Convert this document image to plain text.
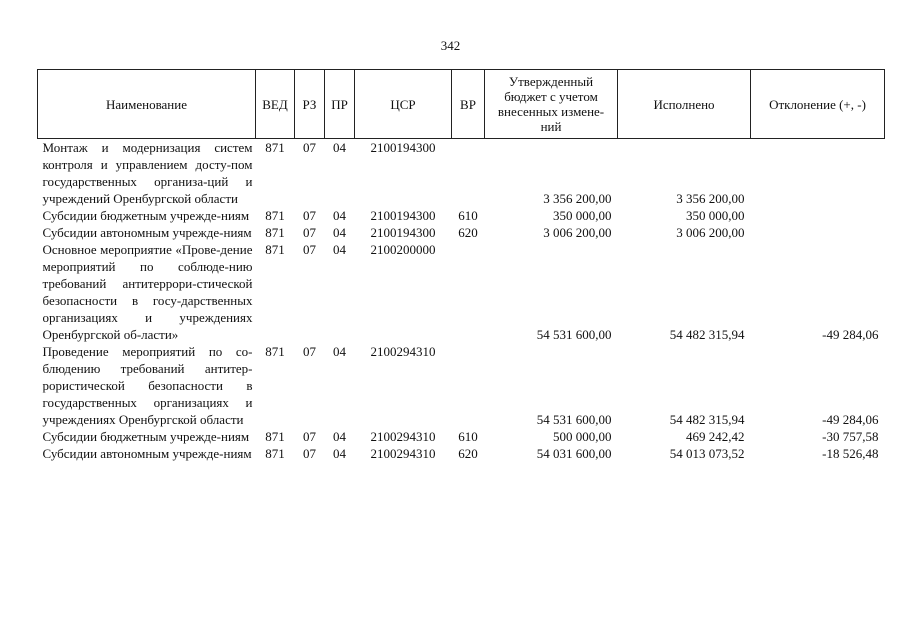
342
Наименование	ВЕД	РЗ	ПР	ЦСР	ВР	Утвержденный бюджет с учетом внесенных измене-ний	Исполнено	Отклонение (+, -)
Монтаж и модернизация систем контроля и управлением досту-пом государственных организа-ций и учреждений Оренбургской области	871	07	04	2100194300		3 356 200,00	3 356 200,00	
Субсидии бюджетным учрежде-ниям	871	07	04	2100194300	610	350 000,00	350 000,00	
Субсидии автономным учрежде-ниям	871	07	04	2100194300	620	3 006 200,00	3 006 200,00	
Основное мероприятие «Прове-дение мероприятий по соблюде-нию требований антитеррори-стической безопасности в госу-дарственных организациях и учреждениях Оренбургской об-ласти»	871	07	04	2100200000		54 531 600,00	54 482 315,94	-49 284,06
Проведение мероприятий по со-блюдению требований антитер-рористической безопасности в государственных организациях и учреждениях Оренбургской области	871	07	04	2100294310		54 531 600,00	54 482 315,94	-49 284,06
Субсидии бюджетным учрежде-ниям	871	07	04	2100294310	610	500 000,00	469 242,42	-30 757,58
Субсидии автономным учрежде-ниям	871	07	04	2100294310	620	54 031 600,00	54 013 073,52	-18 526,48
